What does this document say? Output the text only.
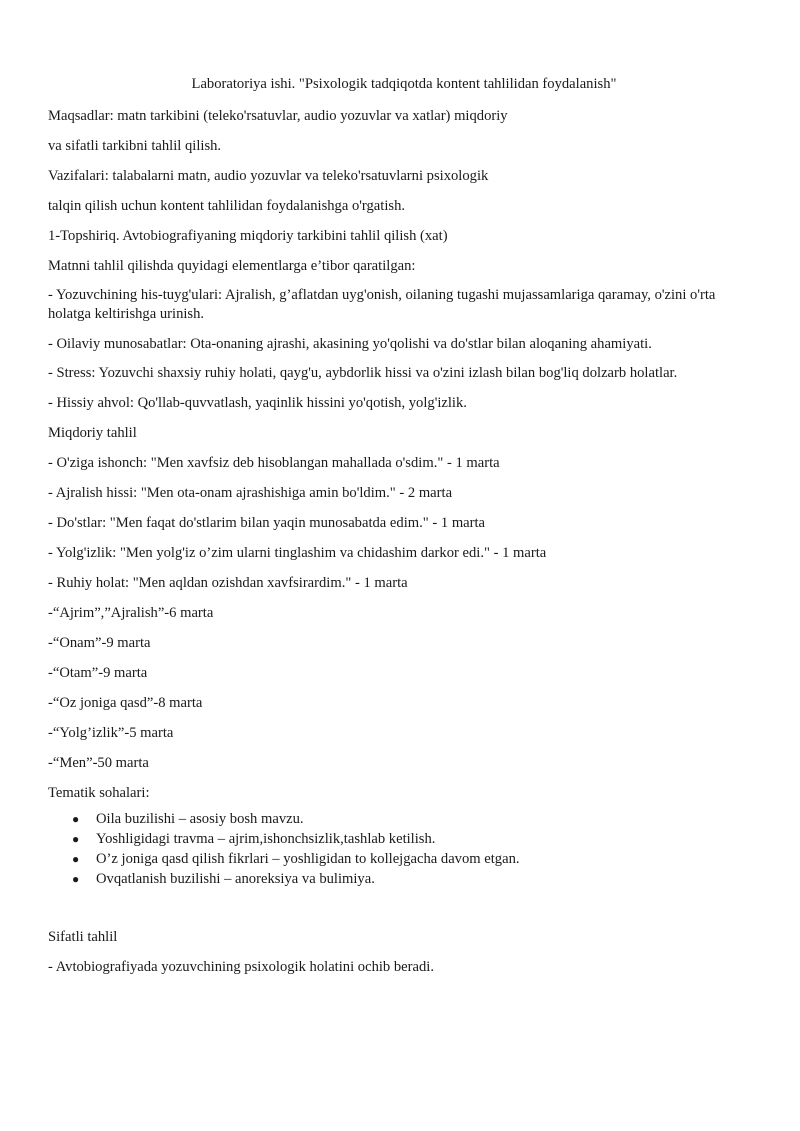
Laboratoriya ishi. "Psixologik tadqiqotda kontent tahlilidan foydalanish"
Maqsadlar: matn tarkibini (teleko'rsatuvlar, audio yozuvlar va xatlar) miqdoriy
va sifatli tarkibni tahlil qilish.
Vazifalari: talabalarni matn, audio yozuvlar va teleko'rsatuvlarni psixologik
talqin qilish uchun kontent tahlilidan foydalanishga o'rgatish.
1-Topshiriq. Avtobiografiyaning miqdoriy tarkibini tahlil qilish (xat)
Matnni tahlil qilishda quyidagi elementlarga e’tibor qaratilgan:
- Yozuvchining his-tuyg'ulari: Ajralish, g’aflatdan uyg'onish, oilaning tugashi mujassamlariga qaramay, o'zini o'rta holatga keltirishga urinish.
- Oilaviy munosabatlar: Ota-onaning ajrashi, akasining yo'qolishi va do'stlar bilan aloqaning ahamiyati.
- Stress: Yozuvchi shaxsiy ruhiy holati, qayg'u, aybdorlik hissi va o'zini izlash bilan bog'liq dolzarb holatlar.
- Hissiy ahvol: Qo'llab-quvvatlash, yaqinlik hissini yo'qotish, yolg'izlik.
Miqdoriy tahlil
- O'ziga ishonch: "Men xavfsiz deb hisoblangan mahallada o'sdim." - 1 marta
- Ajralish hissi: "Men ota-onam ajrashishiga amin bo'ldim." - 2 marta
- Do'stlar: "Men faqat do'stlarim bilan yaqin munosabatda edim." - 1 marta
- Yolg'izlik: "Men yolg'iz o’zim ularni tinglashim va chidashim darkor edi." - 1 marta
- Ruhiy holat: "Men aqldan ozishdan xavfsirardim." - 1 marta
-“Ajrim”,”Ajralish”-6 marta
-“Onam”-9 marta
-“Otam”-9 marta
-“Oz joniga qasd”-8 marta
-“Yolg’izlik”-5 marta
-“Men”-50 marta
Tematik sohalari:
● Oila buzilishi – asosiy bosh mavzu.
● Yoshligidagi travma – ajrim,ishonchsizlik,tashlab ketilish.
● O’z joniga qasd qilish fikrlari – yoshligidan to kollejgacha davom etgan.
● Ovqatlanish buzilishi – anoreksiya va bulimiya.
Sifatli tahlil
- Avtobiografiyada yozuvchining psixologik holatini ochib beradi.
